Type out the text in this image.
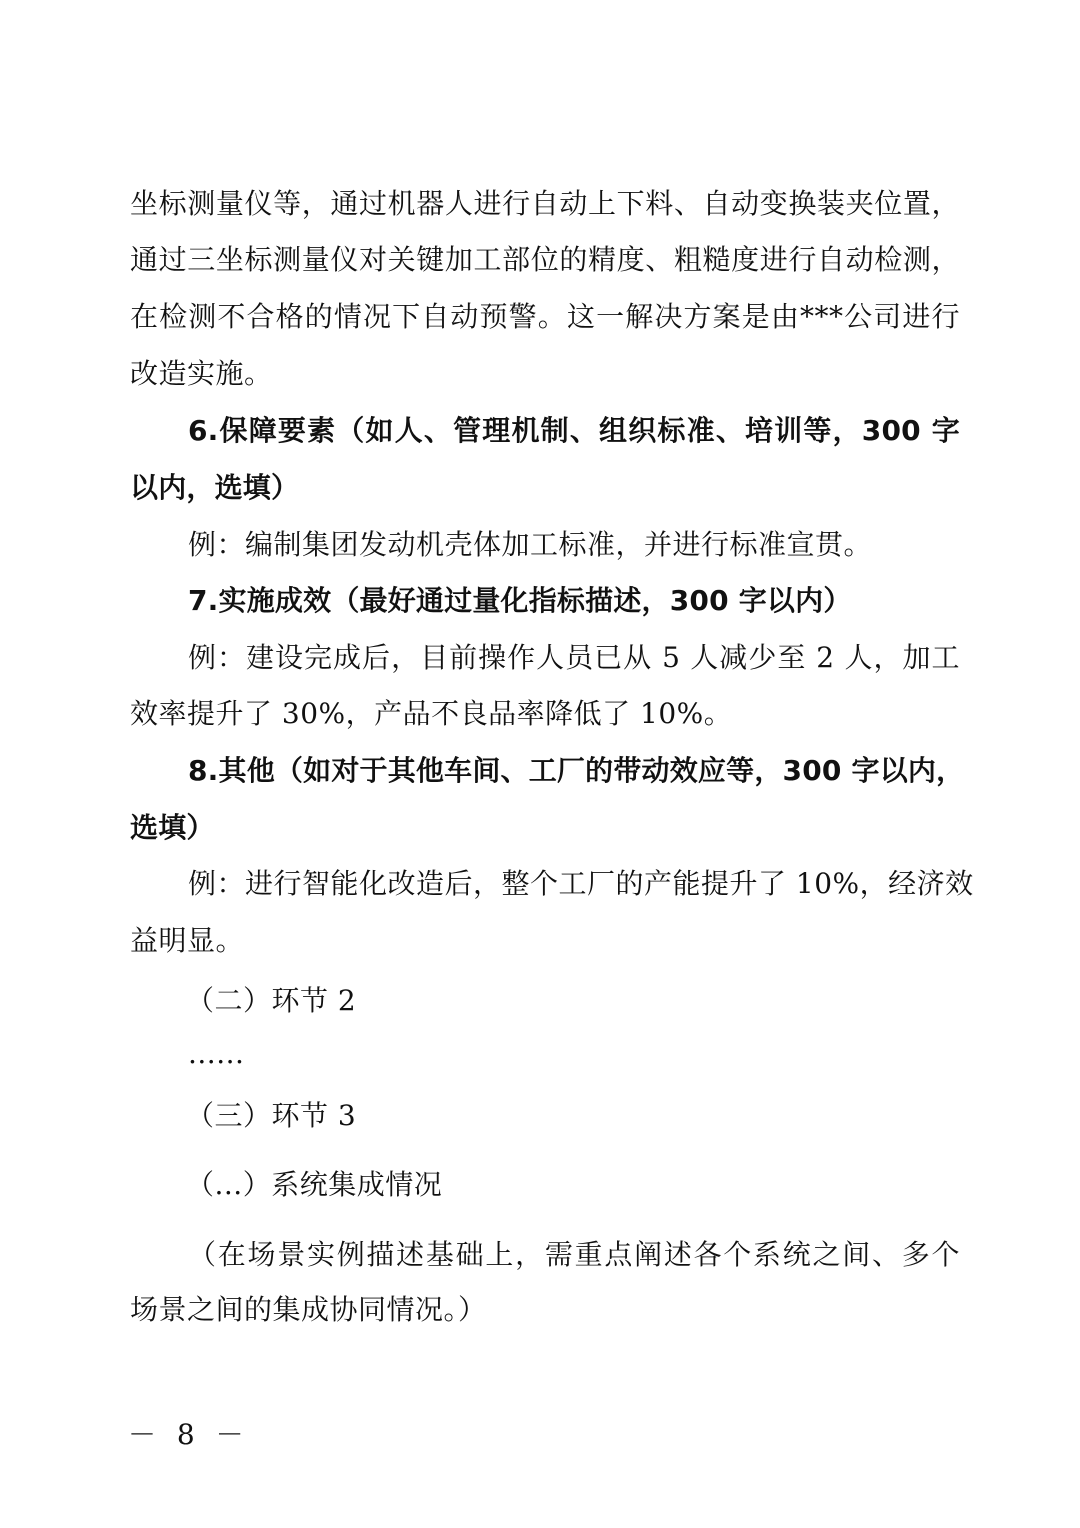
坐标测量仪等，通过机器人进行自动上下料、自动变换装夹位置，
通过三坐标测量仪对关键加工部位的精度、粗糙度进行自动检测，
在检测不合格的情况下自动预警。这一解决方案是由***公司进行
改造实施。
6.保障要素（如人、管理机制、组织标准、培训等，300 字
以内，选填）
例：编制集团发动机壳体加工标准，并进行标准宣贯。
7.实施成效（最好通过量化指标描述，300 字以内）
例：建设完成后，目前操作人员已从 5 人减少至 2 人，加工
效率提升了 30%，产品不良品率降低了 10%。
8.其他（如对于其他车间、工厂的带动效应等，300 字以内，
选填）
例：进行智能化改造后，整个工厂的产能提升了 10%，经济效
益明显。
（二）环节 2
......
（三）环节 3
（...）系统集成情况
（在场景实例描述基础上，需重点阐述各个系统之间、多个
场景之间的集成协同情况。）
－ 8 －
